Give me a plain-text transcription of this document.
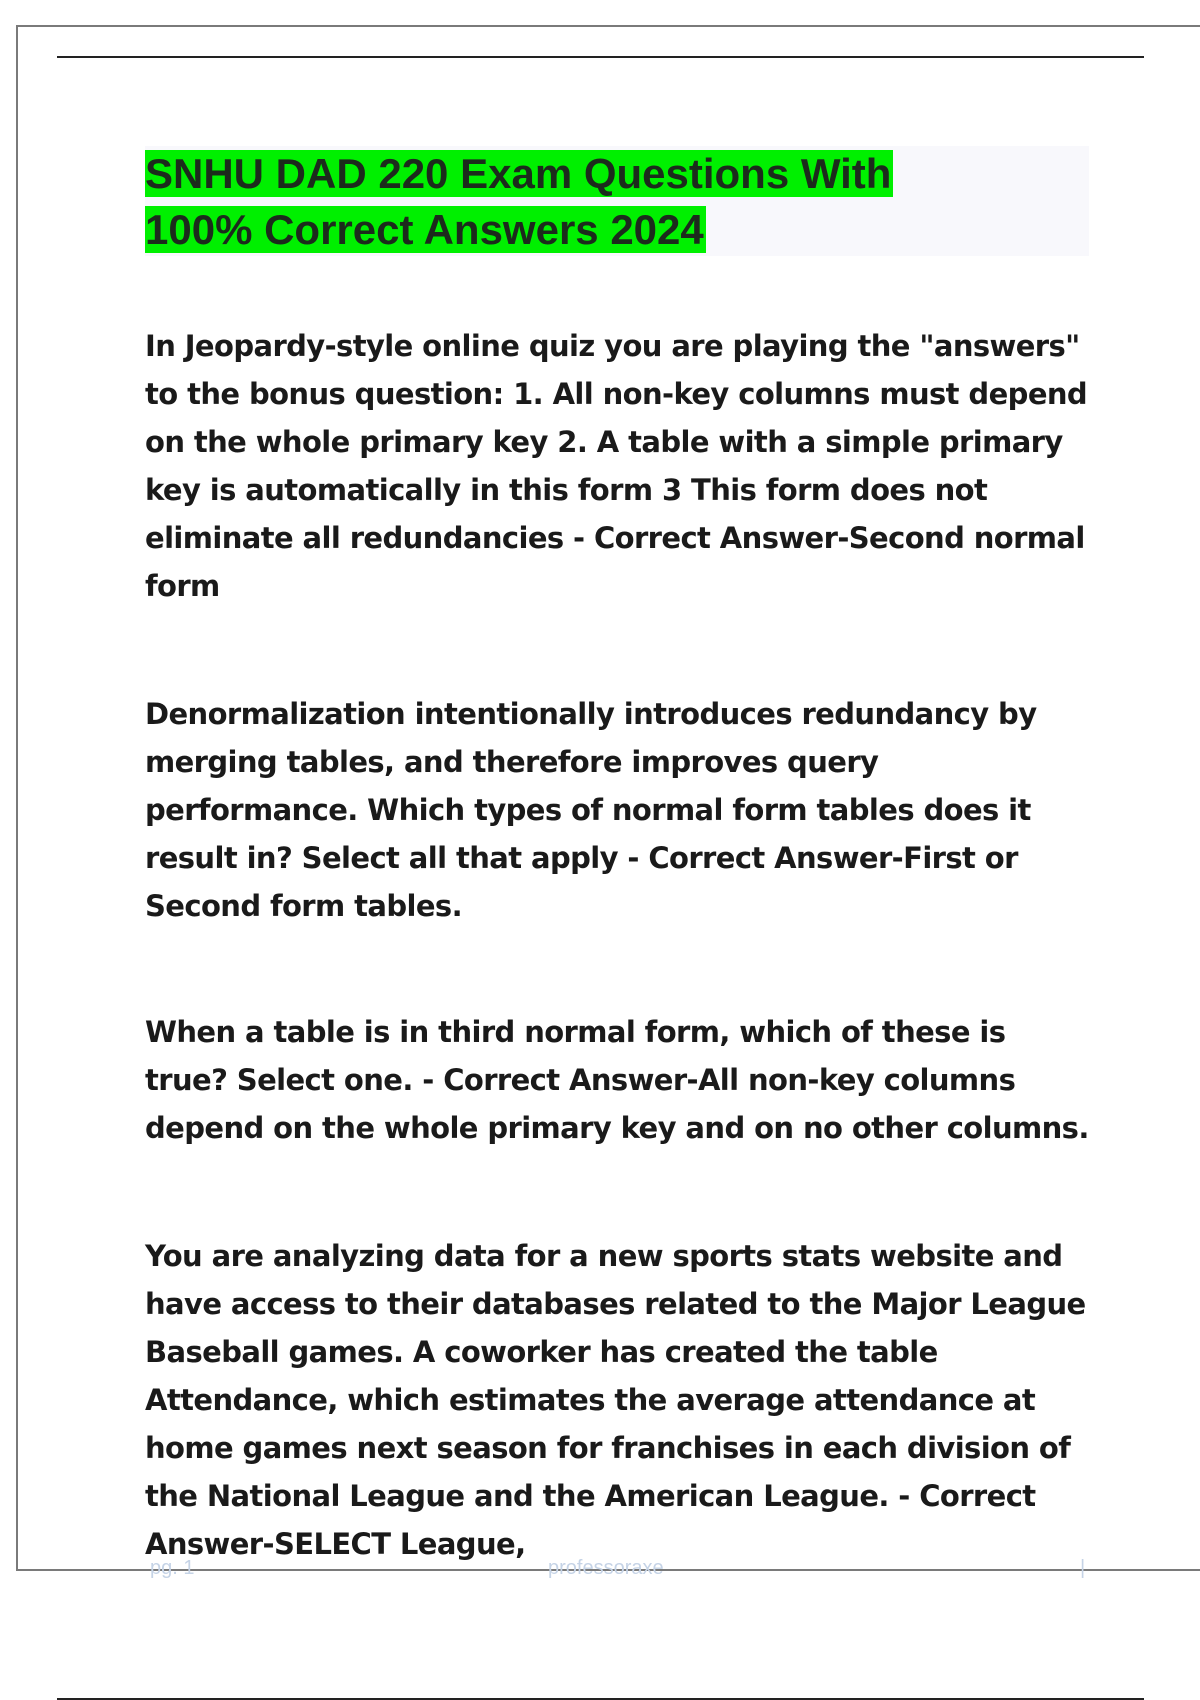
SNHU DAD 220 Exam Questions With
100% Correct Answers 2024

In Jeopardy-style online quiz you are playing the "answers" to the bonus question: 1. All non-key columns must depend on the whole primary key 2. A table with a simple primary key is automatically in this form 3 This form does not eliminate all redundancies - Correct Answer-Second normal form

Denormalization intentionally introduces redundancy by merging tables, and therefore improves query performance. Which types of normal form tables does it result in? Select all that apply - Correct Answer-First or Second form tables.

When a table is in third normal form, which of these is true? Select one. - Correct Answer-All non-key columns depend on the whole primary key and on no other columns.

You are analyzing data for a new sports stats website and have access to their databases related to the Major League Baseball games. A coworker has created the table Attendance, which estimates the average attendance at home games next season for franchises in each division of the National League and the American League. - Correct Answer-SELECT League,

pg. 1	professoraxe	|
